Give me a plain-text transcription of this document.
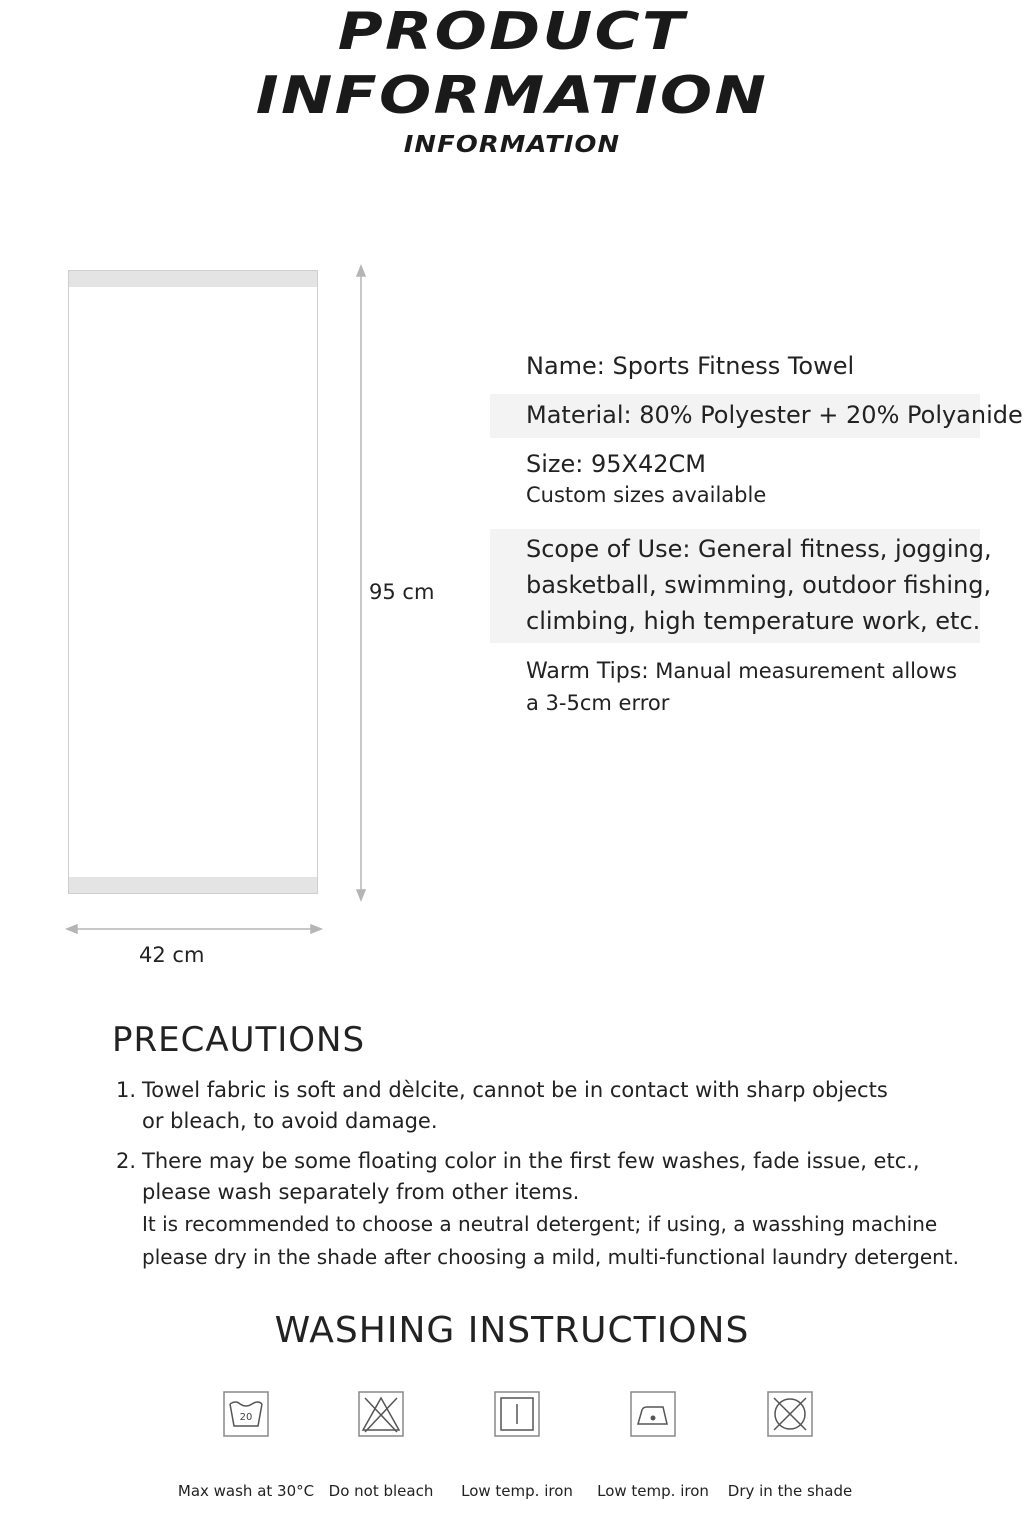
PRODUCT
INFORMATION
INFORMATION
95 cm
42 cm
Name: Sports Fitness Towel
Material: 80% Polyester + 20% Polyanide
Size: 95X42CM
Custom sizes available
Scope of Use: General fitness, jogging,
basketball, swimming, outdoor fishing,
climbing, high temperature work, etc.
Warm Tips: Manual measurement allows
a 3-5cm error
PRECAUTIONS
1. Towel fabric is soft and dèlcite, cannot be in contact with sharp objects
or bleach, to avoid damage.
2. There may be some floating color in the first few washes, fade issue, etc.,
please wash separately from other items.
It is recommended to choose a neutral detergent; if using, a wasshing machine
please dry in the shade after choosing a mild, multi-functional laundry detergent.
WASHING INSTRUCTIONS
20
Max wash at 30°C Do not bleach	Low temp. iron	Low temp. iron	Dry in the shade
